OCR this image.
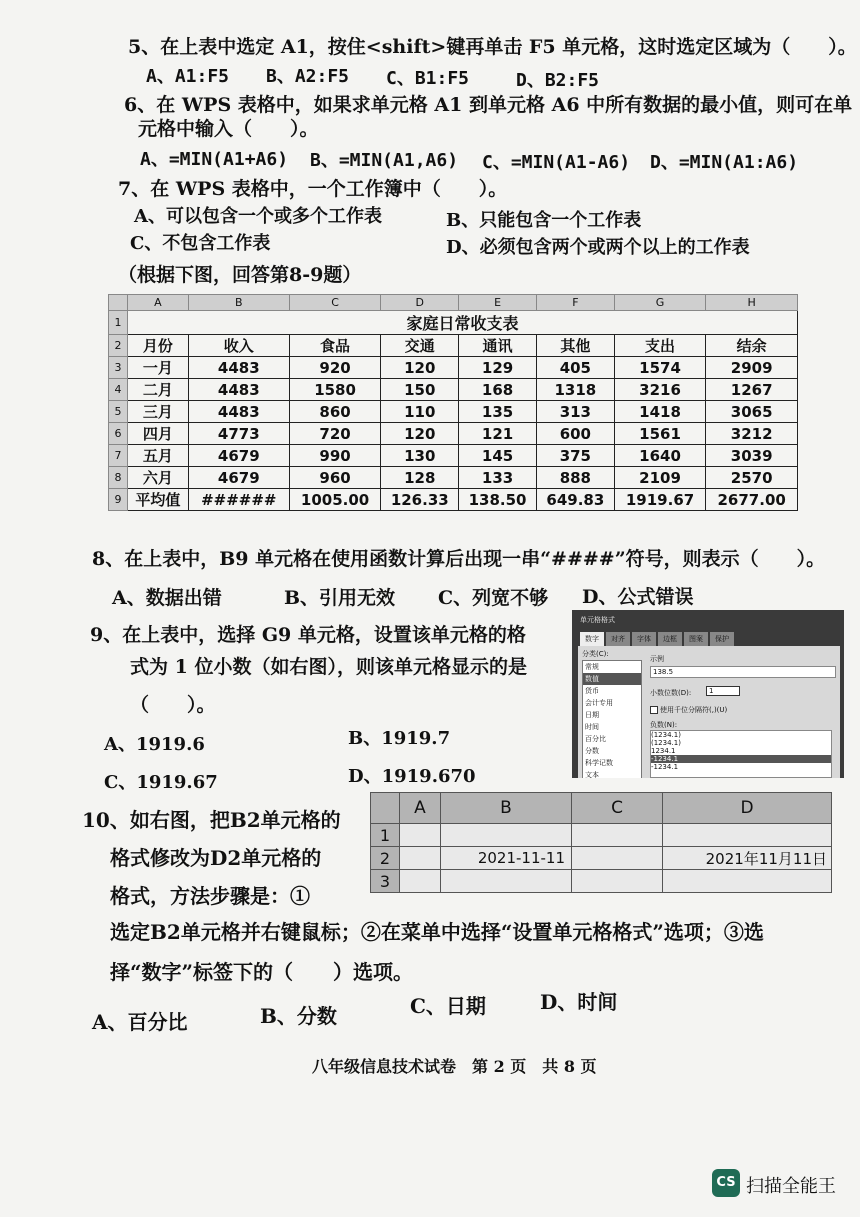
5、在上表中选定 A1，按住<shift>键再单击 F5 单元格，这时选定区域为（　　）。
A、A1:F5 B、A2:F5 C、B1:F5	D、B2:F5
6、在 WPS 表格中，如果求单元格 A1 到单元格 A6 中所有数据的最小值，则可在单
元格中输入（　　）。
A、=MIN(A1+A6) B、=MIN(A1,A6) C、=MIN(A1-A6) D、=MIN(A1:A6)
7、在 WPS 表格中，一个工作簿中（　　）。
A、可以包含一个或多个工作表	B、只能包含一个工作表
C、不包含工作表	D、必须包含两个或两个以上的工作表
（根据下图，回答第8-9题）
	A	B	C	D	E	F	G	H
1	家庭日常收支表							
2	月份	收入	食品	交通	通讯	其他	支出	结余
3	一月	4483	920	120	129	405	1574	2909
4	二月	4483	1580	150	168	1318	3216	1267
5	三月	4483	860	110	135	313	1418	3065
6	四月	4773	720	120	121	600	1561	3212
7	五月	4679	990	130	145	375	1640	3039
8	六月	4679	960	128	133	888	2109	2570
9	平均值	######	1005.00	126.33	138.50	649.83	1919.67	2677.00
8、在上表中，B9 单元格在使用函数计算后出现一串“####”符号，则表示（　　）。
A、数据出错	B、引用无效 C、列宽不够 D、公式错误
9、在上表中，选择 G9 单元格，设置该单元格的格
式为 1 位小数（如右图），则该单元格显示的是
（　　）。
A、1919.6	B、1919.7
C、1919.67	D、1919.670
单元格格式
数字	对齐	字体	边框	图案	保护
分类(C):
常规
数值
货币
会计专用
日期
时间
百分比
分数
科学记数
文本
示例
138.5
小数位数(D):	1
使用千位分隔符(,)(U)
负数(N):
(1234.1)
(1234.1)
1234.1
-1234.1
-1234.1
10、如右图，把B2单元格的
格式修改为D2单元格的
格式，方法步骤是：①
选定B2单元格并右键鼠标；②在菜单中选择“设置单元格格式”选项；③选
择“数字”标签下的（　　）选项。
A、百分比	B、分数	C、日期	D、时间
	A	B	C	D
1				
2		2021-11-11		2021年11月11日
3				
八年级信息技术试卷　第 2 页　共 8 页
CS 扫描全能王
